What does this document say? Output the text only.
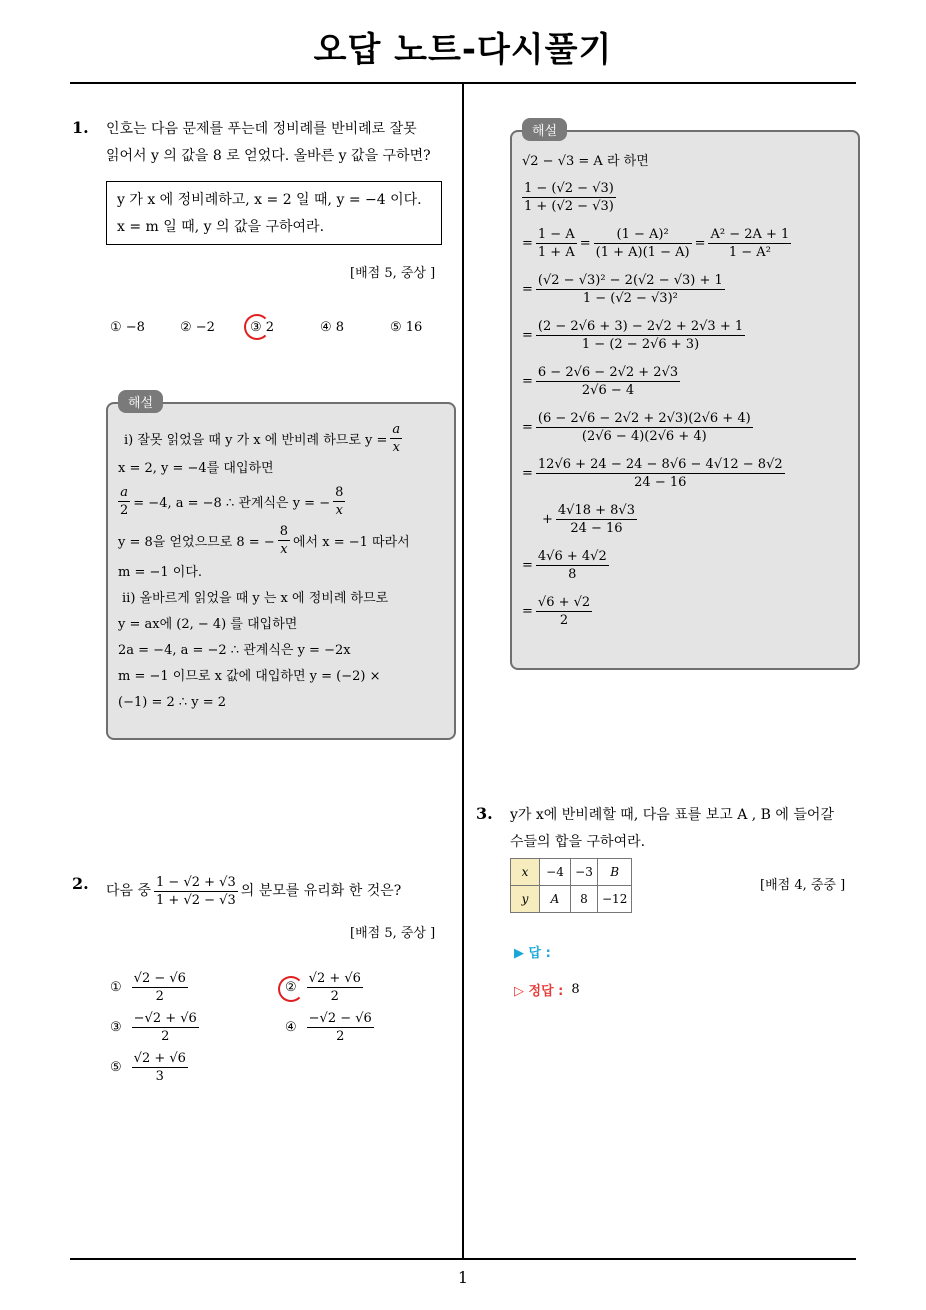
오답 노트-다시풀기
1
1. 인호는 다음 문제를 푸는데 정비례를 반비례로 잘못
읽어서 y 의 값을 8 로 얻었다. 올바른 y 값을 구하면?
y 가 x 에 정비례하고, x = 2 일 때, y = −4 이다.
x = m 일 때, y 의 값을 구하여라.
[배점 5, 중상 ]
① −8	② −2	③ 2	④ 8	⑤ 16
해설
ⅰ) 잘못 읽었을 때 y 가 x 에 반비례 하므로 $y = \frac{a}{x}$
x = 2, y = −4를 대입하면
$\frac{a}{2} = -4$, a = −8 ∴ 관계식은 y = − $\frac{8}{x}$
y = 8을 얻었으므로 8 = − $\frac{8}{x}$ 에서 x = −1 따라서
m = −1 이다.
ⅱ) 올바르게 읽었을 때 y 는 x 에 정비례 하므로
y = ax에 (2, − 4) 를 대입하면
2a = −4, a = −2 ∴ 관계식은 y = −2x
m = −1 이므로 x 값에 대입하면 y = (−2) ×
(−1) = 2 ∴ y = 2
2. 다음 중 $\frac{1 - √2 + √3}{1 + √2 - √3}$ 의 분모를 유리화 한 것은?
[배점 5, 중상 ]
① $\frac{√2 - √6}{2}$	② $\frac{√2 + √6}{2}$
③ $\frac{-√2 + √6}{2}$	④ $\frac{-√2 - √6}{2}$
⑤ $\frac{√2 + √6}{3}$
해설
√2 − √3 = A 라 하면
$\frac{1 - (√2 - √3)}{1 + (√2 - √3)}$
= $\frac{1 - A}{1 + A} = \frac{\text{(1 − A)²}}{(1 + A)(1 - A)} = \frac{\text{A² − 2A + 1}}{\text{1 − A²}}$
= $\frac{\text{(√2 − √3)² − 2(√2 − √3) + 1}}{\text{1 − (√2 − √3)²}}$
= $\frac{(2 - 2√6 + 3) - 2√2 + 2√3 + 1}{1 - (2 - 2√6 + 3)}$
= $\frac{6 - 2√6 - 2√2 + 2√3}{2√6 - 4}$
= $\frac{(6 - 2√6 - 2√2 + 2√3)(2√6 + 4)}{(2√6 - 4)(2√6 + 4)}$
= $\frac{12√6 + 24 - 24 - 8√6 - 4√12 - 8√2}{24 - 16}$
+ $\frac{4√18 + 8√3}{24 - 16}$
= $\frac{4√6 + 4√2}{8}$
= $\frac{√6 + √2}{2}$
3. y가 x에 반비례할 때, 다음 표를 보고 A , B 에 들어갈
수들의 합을 구하여라.
x	−4	−3	B
y	A	8	−12
[배점 4, 중중 ]
▶ 답 :
▷ 정답 : 8
